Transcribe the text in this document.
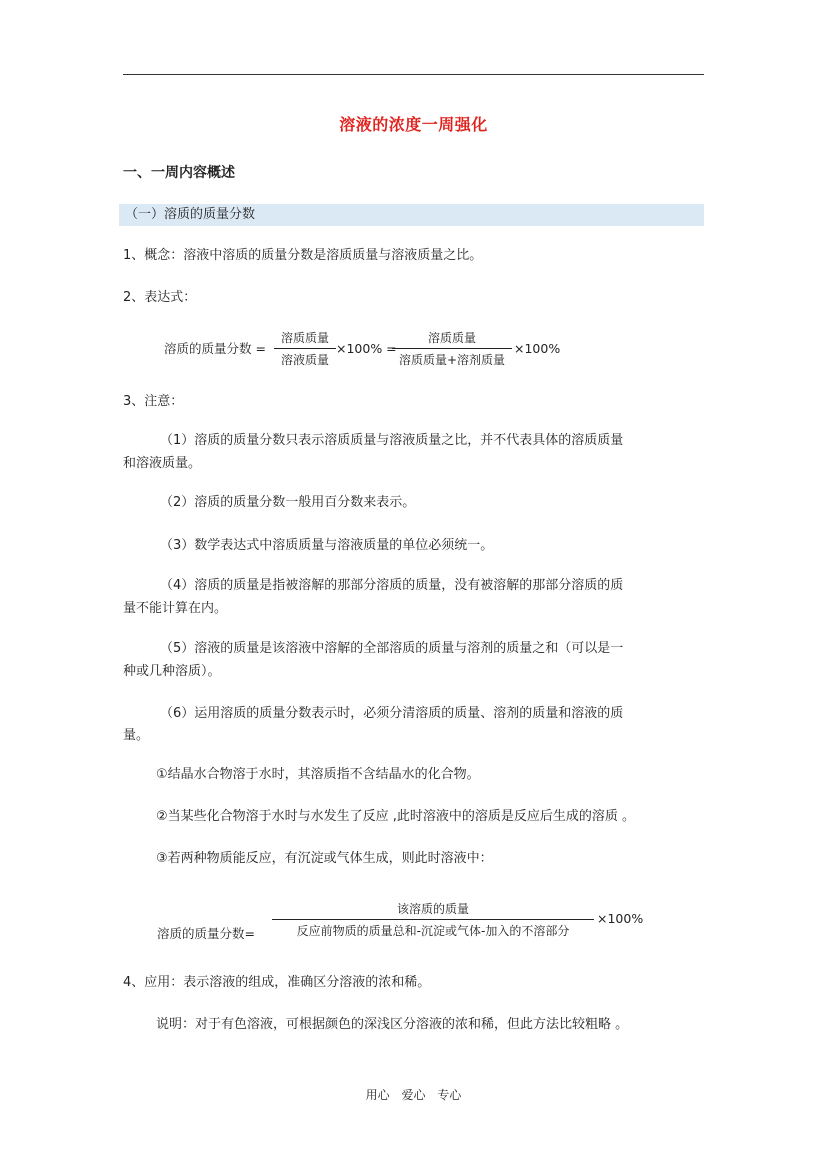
溶液的浓度一周强化
一、一周内容概述
（一）溶质的质量分数
1、概念：溶液中溶质的质量分数是溶质质量与溶液质量之比。
2、表达式：
溶质的质量分数 =
溶质质量
溶液质量
×100% =
溶质质量
溶质质量+溶剂质量
×100%
3、注意：
（1）溶质的质量分数只表示溶质质量与溶液质量之比，并不代表具体的溶质质量
和溶液质量。
（2）溶质的质量分数一般用百分数来表示。
（3）数学表达式中溶质质量与溶液质量的单位必须统一。
（4）溶质的质量是指被溶解的那部分溶质的质量，没有被溶解的那部分溶质的质
量不能计算在内。
（5）溶液的质量是该溶液中溶解的全部溶质的质量与溶剂的质量之和（可以是一
种或几种溶质）。
（6）运用溶质的质量分数表示时，必须分清溶质的质量、溶剂的质量和溶液的质
量。
①结晶水合物溶于水时，其溶质指不含结晶水的化合物。
②当某些化合物溶于水时与水发生了反应 ,此时溶液中的溶质是反应后生成的溶质 。
③若两种物质能反应，有沉淀或气体生成，则此时溶液中：
溶质的质量分数=
该溶质的质量
反应前物质的质量总和-沉淀或气体-加入的不溶部分
×100%
4、应用：表示溶液的组成，准确区分溶液的浓和稀。
说明：对于有色溶液，可根据颜色的深浅区分溶液的浓和稀，但此方法比较粗略 。
用心 爱心 专心
